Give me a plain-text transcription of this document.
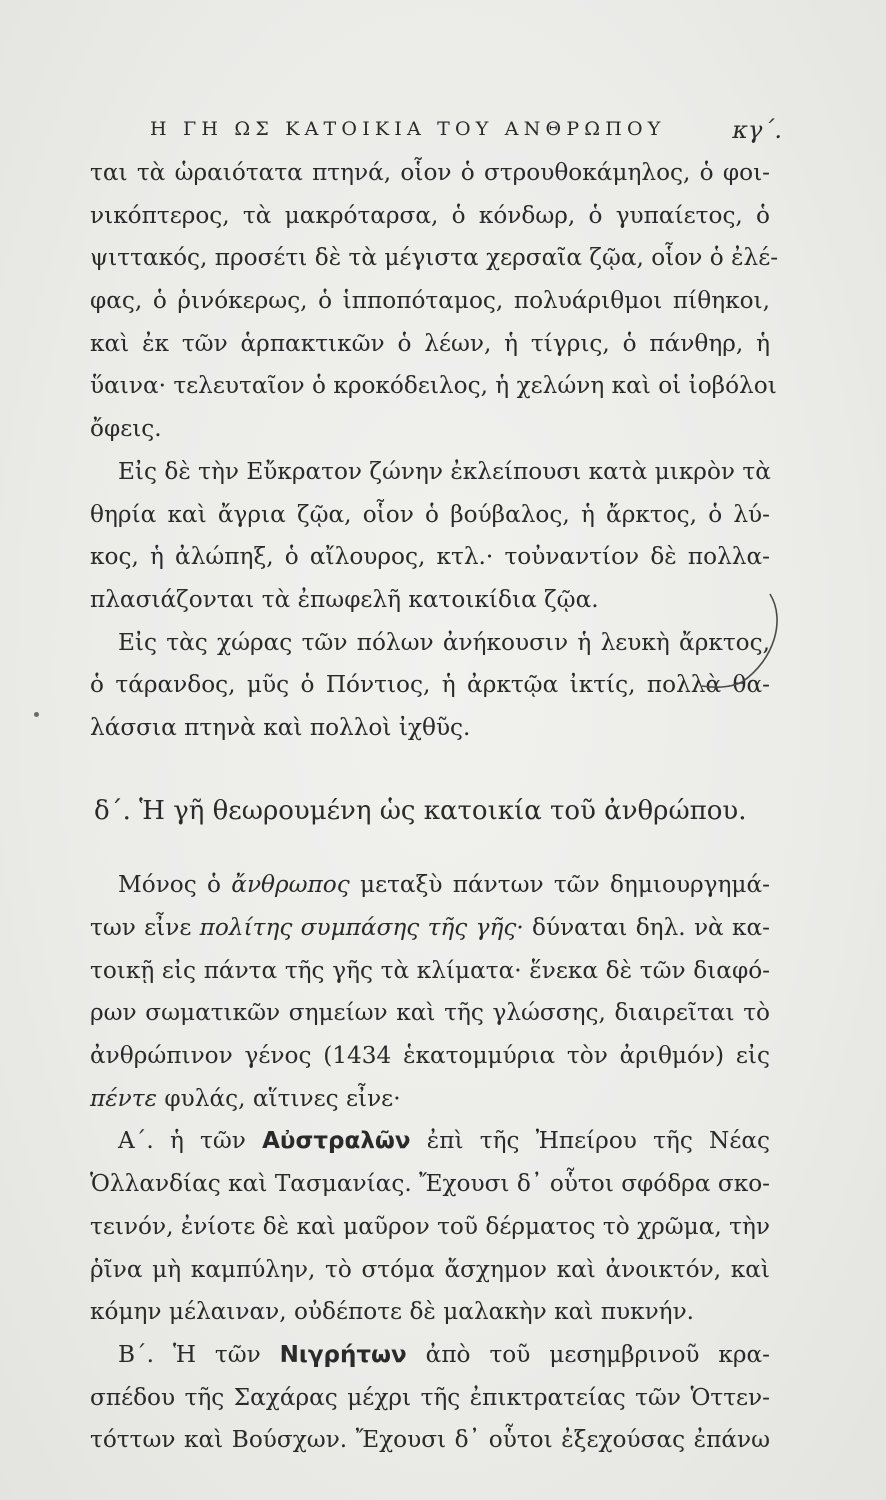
Η ΓΗ ΩΣ ΚΑΤΟΙΚΙΑ ΤΟΥ ΑΝΘΡΩΠΟΥ	κγ΄.
ται τὰ ὡραιότατα πτηνά, οἷον ὁ στρουθοκάμηλος, ὁ φοι-
νικόπτερος, τὰ μακρόταρσα, ὁ κόνδωρ, ὁ γυπαίετος, ὁ
ψιττακός, προσέτι δὲ τὰ μέγιστα χερσαῖα ζῷα, οἷον ὁ ἐλέ-
φας, ὁ ῥινόκερως, ὁ ἱπποπόταμος, πολυάριθμοι πίθηκοι,
καὶ ἐκ τῶν ἁρπακτικῶν ὁ λέων, ἡ τίγρις, ὁ πάνθηρ, ἡ
ὕαινα· τελευταῖον ὁ κροκόδειλος, ἡ χελώνη καὶ οἱ ἰοβόλοι
ὄφεις.
Εἰς δὲ τὴν Εὔκρατον ζώνην ἐκλείπουσι κατὰ μικρὸν τὰ
θηρία καὶ ἄγρια ζῷα, οἷον ὁ βούβαλος, ἡ ἄρκτος, ὁ λύ-
κος, ἡ ἀλώπηξ, ὁ αἴλουρος, κτλ.· τοὐναντίον δὲ πολλα-
πλασιάζονται τὰ ἐπωφελῆ κατοικίδια ζῷα.
Εἰς τὰς χώρας τῶν πόλων ἀνήκουσιν ἡ λευκὴ ἄρκτος,
ὁ τάρανδος, μῦς ὁ Πόντιος, ἡ ἀρκτῷα ἰκτίς, πολλὰ θα-
λάσσια πτηνὰ καὶ πολλοὶ ἰχθῦς.
δ΄. Ἡ γῆ θεωρουμένη ὡς κατοικία τοῦ ἀνθρώπου.
Μόνος ὁ ἄνθρωπος μεταξὺ πάντων τῶν δημιουργημά-
των εἶνε πολίτης συμπάσης τῆς γῆς· δύναται δηλ. νὰ κα-
τοικῇ εἰς πάντα τῆς γῆς τὰ κλίματα· ἕνεκα δὲ τῶν διαφό-
ρων σωματικῶν σημείων καὶ τῆς γλώσσης, διαιρεῖται τὸ
ἀνθρώπινον γένος (1434 ἑκατομμύρια τὸν ἀριθμόν) εἰς
πέντε φυλάς, αἵτινες εἶνε·
Α΄. ἡ τῶν Αὐστραλῶν ἐπὶ τῆς Ἠπείρου τῆς Νέας
Ὁλλανδίας καὶ Τασμανίας. Ἔχουσι δ᾽ οὗτοι σφόδρα σκο-
τεινόν, ἐνίοτε δὲ καὶ μαῦρον τοῦ δέρματος τὸ χρῶμα, τὴν
ῥῖνα μὴ καμπύλην, τὸ στόμα ἄσχημον καὶ ἀνοικτόν, καὶ
κόμην μέλαιναν, οὐδέποτε δὲ μαλακὴν καὶ πυκνήν.
Β΄. Ἡ τῶν Νιγρήτων ἀπὸ τοῦ μεσημβρινοῦ κρα-
σπέδου τῆς Σαχάρας μέχρι τῆς ἐπικτρατείας τῶν Ὁττεν-
τόττων καὶ Βούσχων. Ἔχουσι δ᾽ οὗτοι ἐξεχούσας ἐπάνω
